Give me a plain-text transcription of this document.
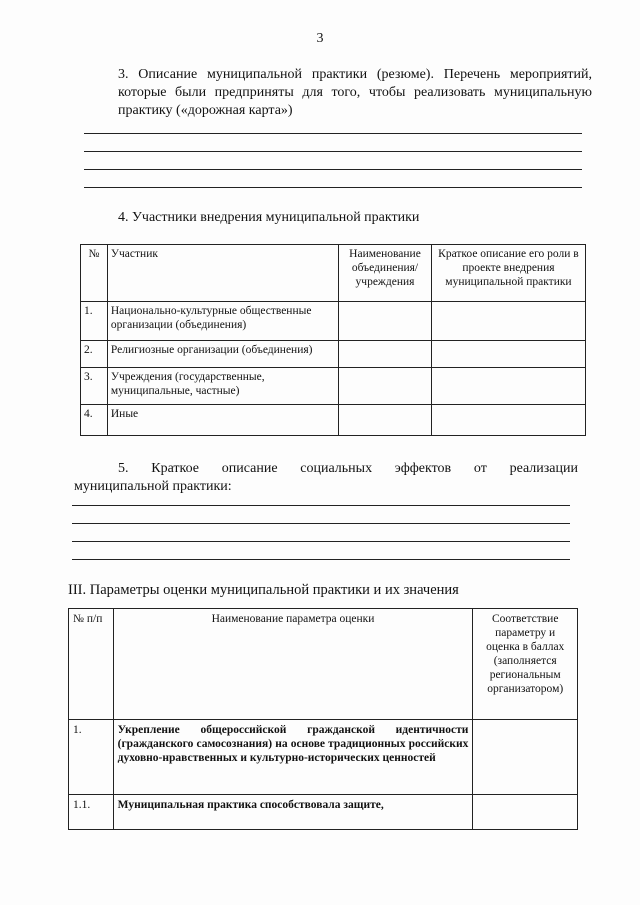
3
3. Описание муниципальной практики (резюме). Перечень мероприятий, которые были предприняты для того, чтобы реализовать муниципальную практику («дорожная карта»)
4. Участники внедрения муниципальной практики
№	Участник	Наименование объединения/ учреждения	Краткое описание его роли в проекте внедрения муниципальной практики
1.	Национально-культурные общественные организации (объединения)		
2.	Религиозные организации (объединения)		
3.	Учреждения (государственные, муниципальные, частные)		
4.	Иные		
5. Краткое описание социальных эффектов от реализации
муниципальной практики:
III. Параметры оценки муниципальной практики и их значения
№ п/п	Наименование параметра оценки	Соответствие параметру и оценка в баллах (заполняется региональным организатором)
1.	Укрепление общероссийской гражданской идентичности (гражданского самосознания) на основе традиционных российских духовно-нравственных и культурно-исторических ценностей	
1.1.	Муниципальная практика способствовала защите,	
